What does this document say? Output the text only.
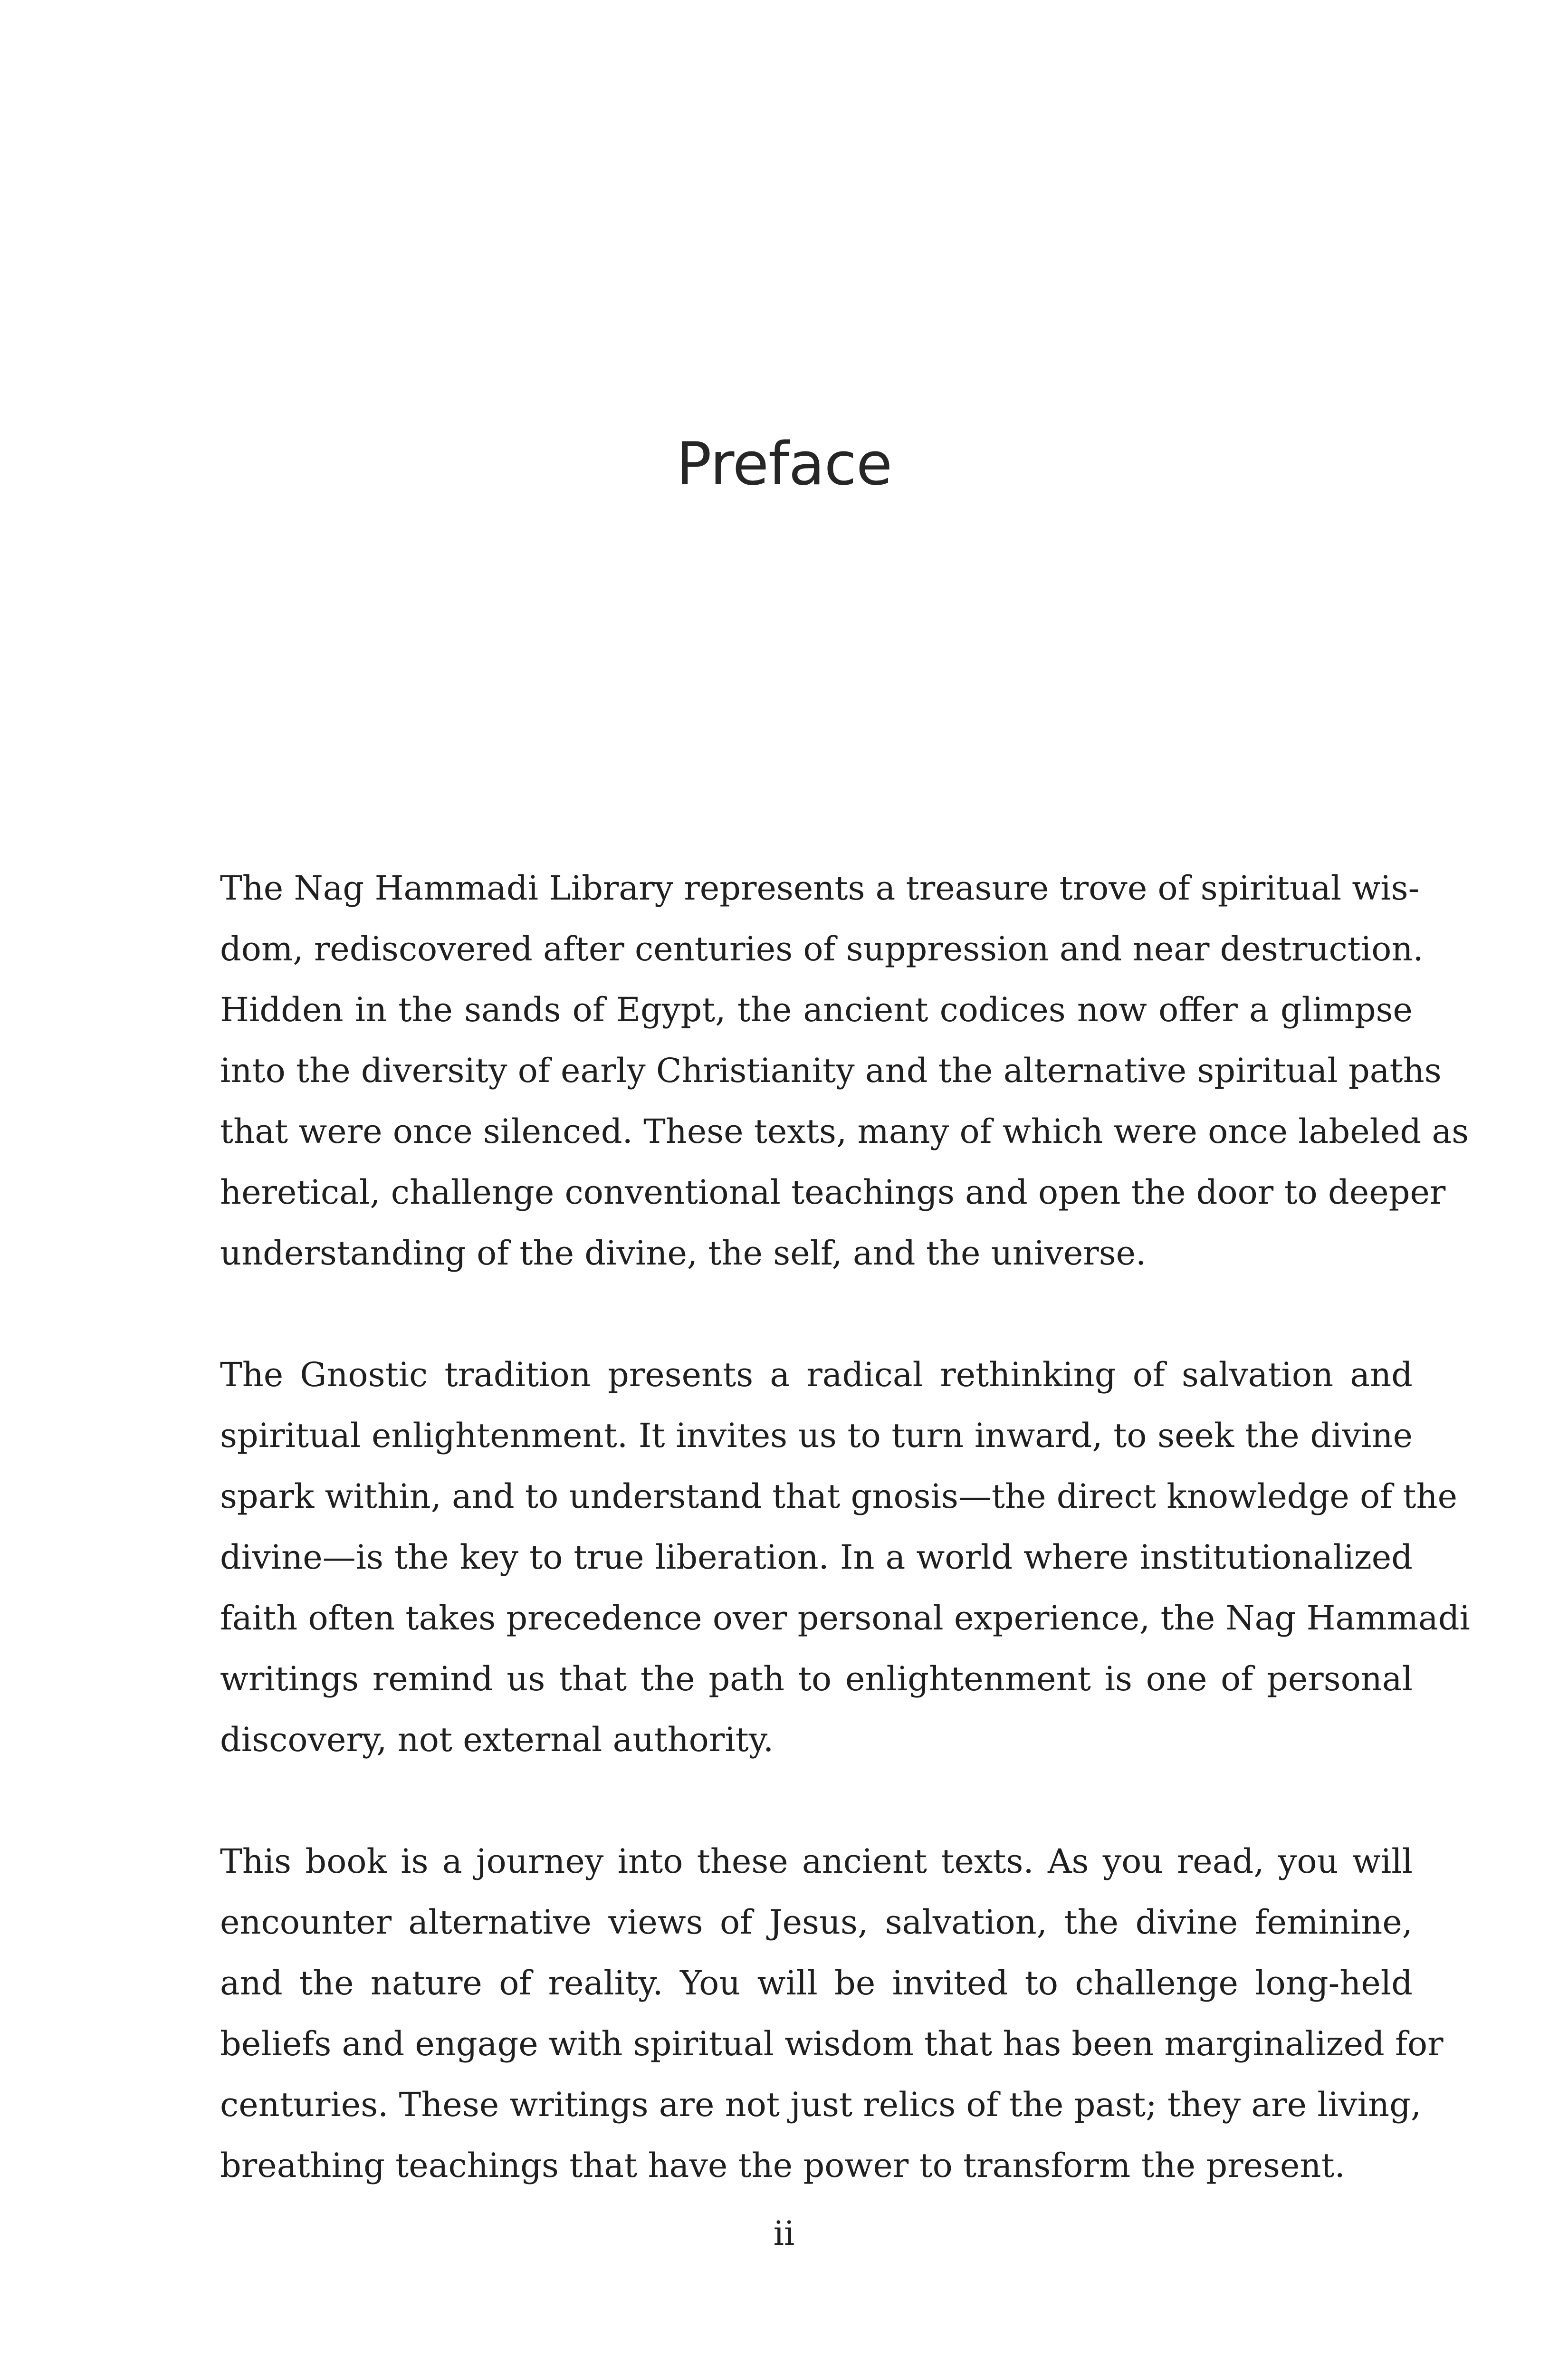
Preface

The Nag Hammadi Library represents a treasure trove of spiritual wis-
dom, rediscovered after centuries of suppression and near destruction.
Hidden in the sands of Egypt, the ancient codices now offer a glimpse
into the diversity of early Christianity and the alternative spiritual paths
that were once silenced. These texts, many of which were once labeled as
heretical, challenge conventional teachings and open the door to deeper
understanding of the divine, the self, and the universe.

The Gnostic tradition presents a radical rethinking of salvation and
spiritual enlightenment. It invites us to turn inward, to seek the divine
spark within, and to understand that gnosis—the direct knowledge of the
divine—is the key to true liberation. In a world where institutionalized
faith often takes precedence over personal experience, the Nag Hammadi
writings remind us that the path to enlightenment is one of personal
discovery, not external authority.

This book is a journey into these ancient texts. As you read, you will
encounter alternative views of Jesus, salvation, the divine feminine,
and the nature of reality. You will be invited to challenge long-held
beliefs and engage with spiritual wisdom that has been marginalized for
centuries. These writings are not just relics of the past; they are living,
breathing teachings that have the power to transform the present.

ii
